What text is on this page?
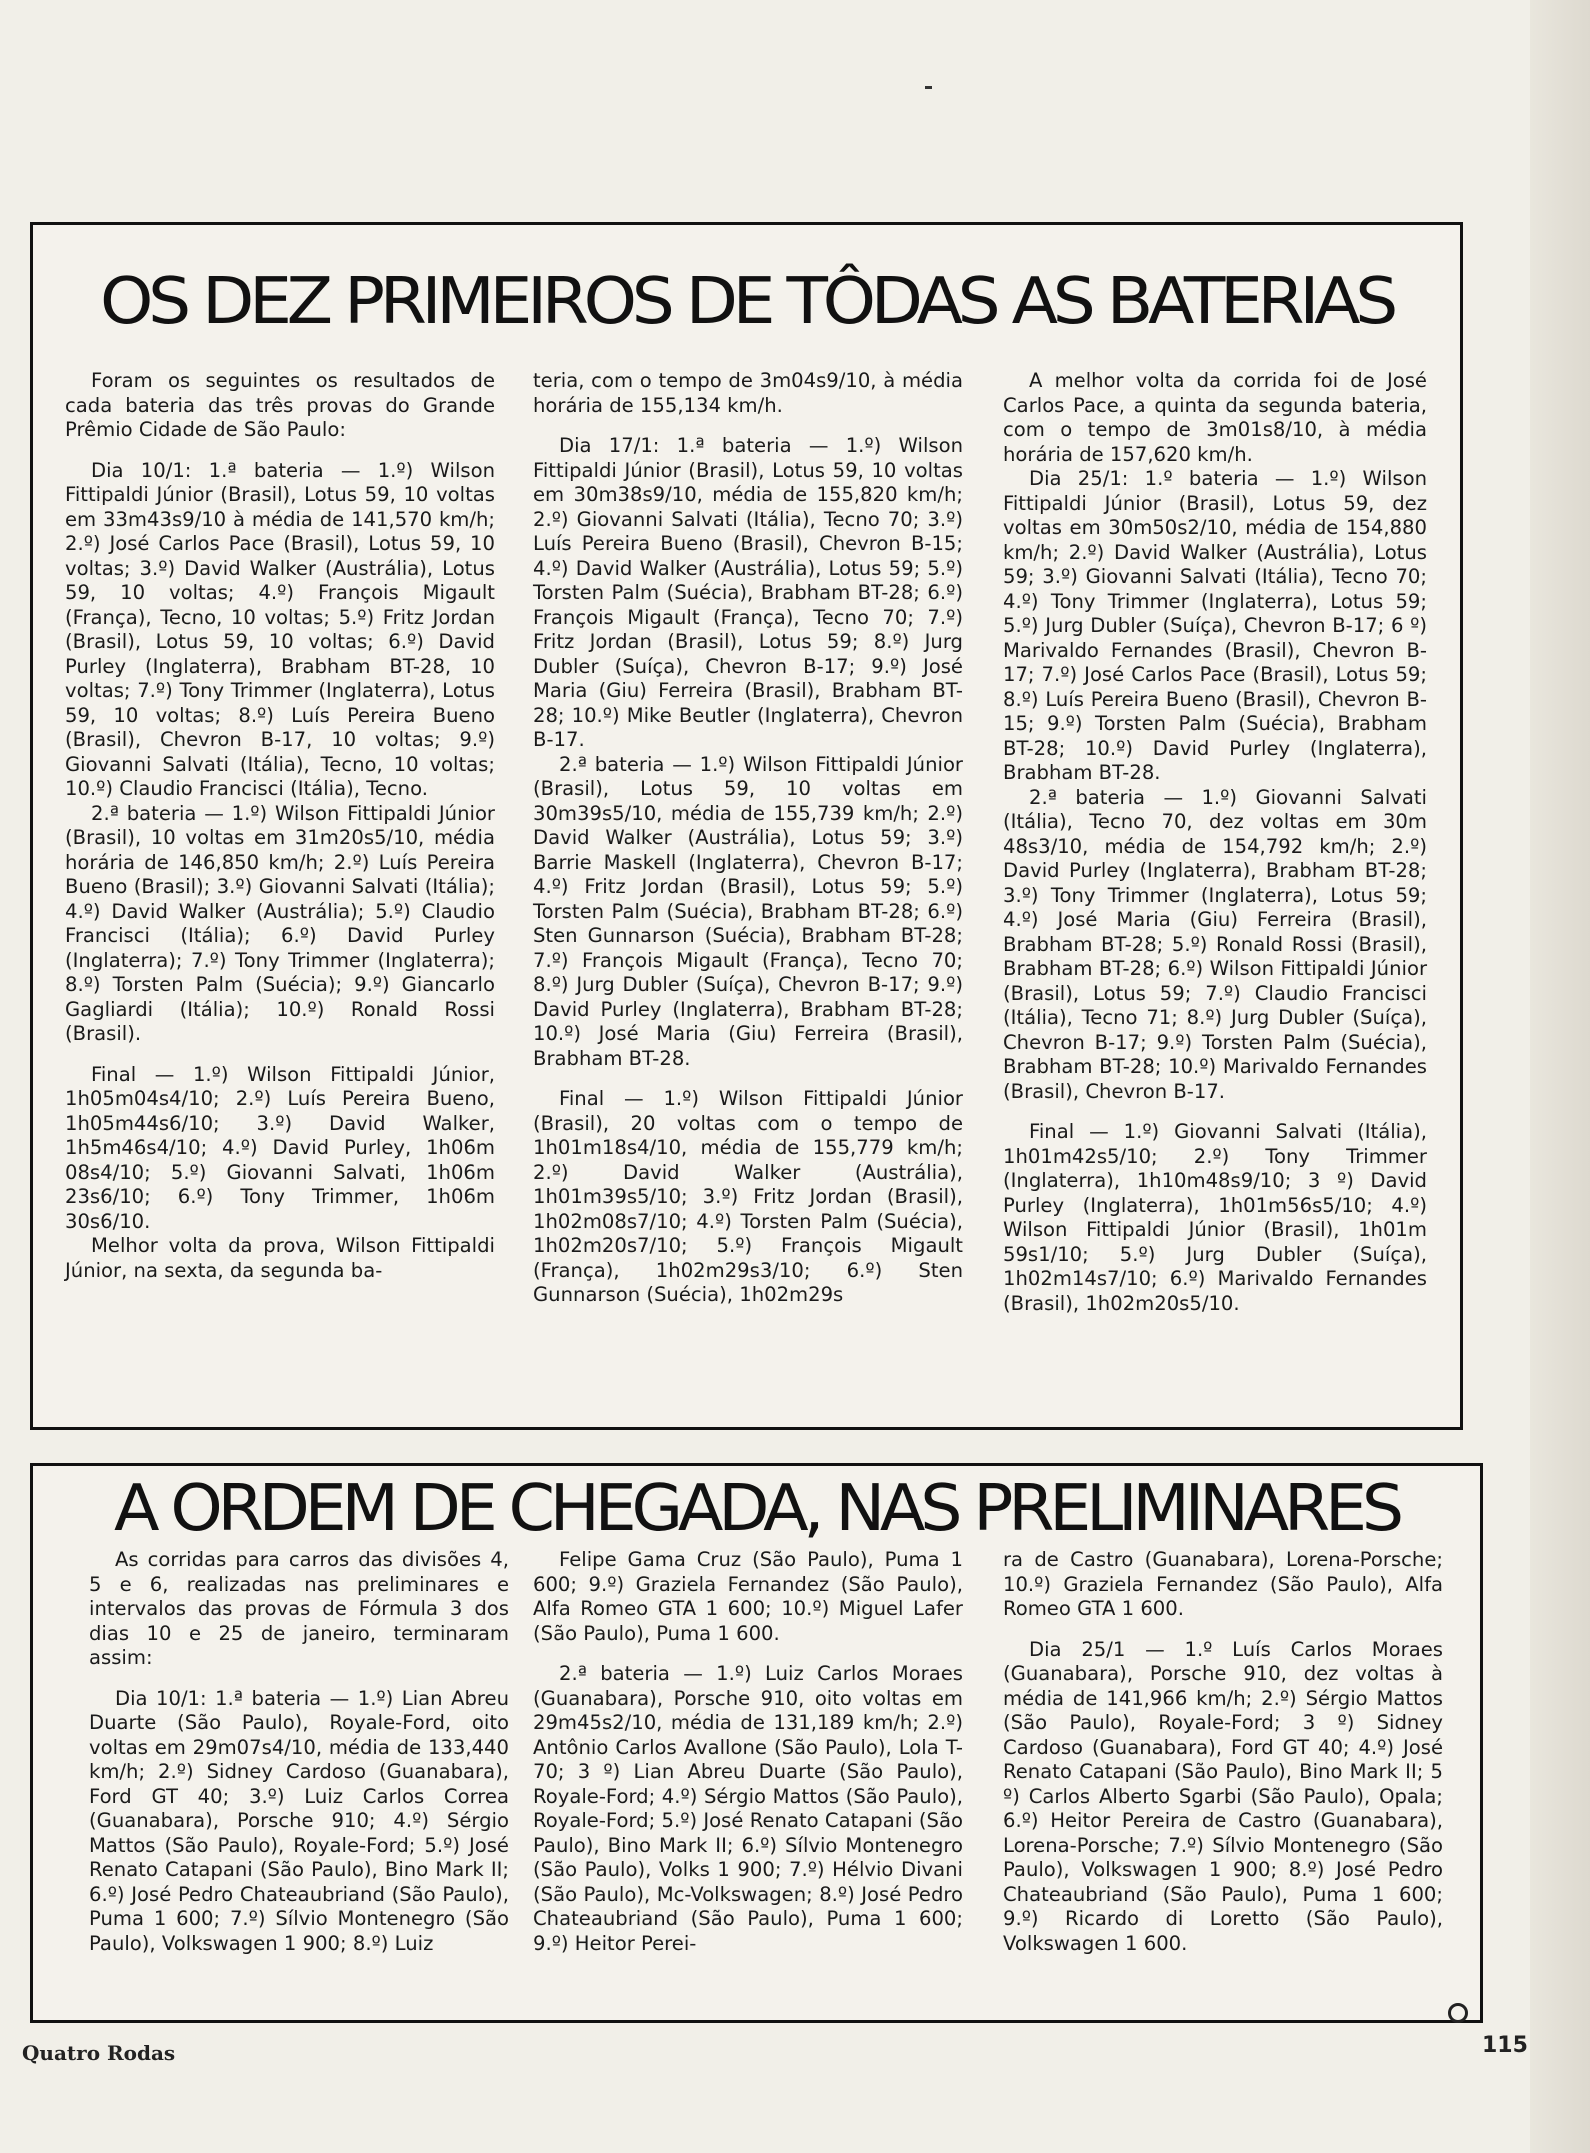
OS DEZ PRIMEIROS DE TÔDAS AS BATERIAS

Foram os seguintes os resultados de cada bateria das três provas do Grande Prêmio Cidade de São Paulo:

Dia 10/1: 1.ª bateria — 1.º) Wilson Fittipaldi Júnior (Brasil), Lotus 59, 10 voltas em 33m43s9/10 à média de 141,570 km/h; 2.º) José Carlos Pace (Brasil), Lotus 59, 10 voltas; 3.º) David Walker (Austrália), Lotus 59, 10 voltas; 4.º) François Migault (França), Tecno, 10 voltas; 5.º) Fritz Jordan (Brasil), Lotus 59, 10 voltas; 6.º) David Purley (Inglaterra), Brabham BT-28, 10 voltas; 7.º) Tony Trimmer (Inglaterra), Lotus 59, 10 voltas; 8.º) Luís Pereira Bueno (Brasil), Chevron B-17, 10 voltas; 9.º) Giovanni Salvati (Itália), Tecno, 10 voltas; 10.º) Claudio Francisci (Itália), Tecno.

2.ª bateria — 1.º) Wilson Fittipaldi Júnior (Brasil), 10 voltas em 31m20s5/10, média horária de 146,850 km/h; 2.º) Luís Pereira Bueno (Brasil); 3.º) Giovanni Salvati (Itália); 4.º) David Walker (Austrália); 5.º) Claudio Francisci (Itália); 6.º) David Purley (Inglaterra); 7.º) Tony Trimmer (Inglaterra); 8.º) Torsten Palm (Suécia); 9.º) Giancarlo Gagliardi (Itália); 10.º) Ronald Rossi (Brasil).

Final — 1.º) Wilson Fittipaldi Júnior, 1h05m04s4/10; 2.º) Luís Pereira Bueno, 1h05m44s6/10; 3.º) David Walker, 1h5m46s4/10; 4.º) David Purley, 1h06m 08s4/10; 5.º) Giovanni Salvati, 1h06m 23s6/10; 6.º) Tony Trimmer, 1h06m 30s6/10.

Melhor volta da prova, Wilson Fittipaldi Júnior, na sexta, da segunda ba-

teria, com o tempo de 3m04s9/10, à média horária de 155,134 km/h.

Dia 17/1: 1.ª bateria — 1.º) Wilson Fittipaldi Júnior (Brasil), Lotus 59, 10 voltas em 30m38s9/10, média de 155,820 km/h; 2.º) Giovanni Salvati (Itália), Tecno 70; 3.º) Luís Pereira Bueno (Brasil), Chevron B-15; 4.º) David Walker (Austrália), Lotus 59; 5.º) Torsten Palm (Suécia), Brabham BT-28; 6.º) François Migault (França), Tecno 70; 7.º) Fritz Jordan (Brasil), Lotus 59; 8.º) Jurg Dubler (Suíça), Chevron B-17; 9.º) José Maria (Giu) Ferreira (Brasil), Brabham BT-28; 10.º) Mike Beutler (Inglaterra), Chevron B-17.

2.ª bateria — 1.º) Wilson Fittipaldi Júnior (Brasil), Lotus 59, 10 voltas em 30m39s5/10, média de 155,739 km/h; 2.º) David Walker (Austrália), Lotus 59; 3.º) Barrie Maskell (Inglaterra), Chevron B-17; 4.º) Fritz Jordan (Brasil), Lotus 59; 5.º) Torsten Palm (Suécia), Brabham BT-28; 6.º) Sten Gunnarson (Suécia), Brabham BT-28; 7.º) François Migault (França), Tecno 70; 8.º) Jurg Dubler (Suíça), Chevron B-17; 9.º) David Purley (Inglaterra), Brabham BT-28; 10.º) José Maria (Giu) Ferreira (Brasil), Brabham BT-28.

Final — 1.º) Wilson Fittipaldi Júnior (Brasil), 20 voltas com o tempo de 1h01m18s4/10, média de 155,779 km/h; 2.º) David Walker (Austrália), 1h01m39s5/10; 3.º) Fritz Jordan (Brasil), 1h02m08s7/10; 4.º) Torsten Palm (Suécia), 1h02m20s7/10; 5.º) François Migault (França), 1h02m29s3/10; 6.º) Sten Gunnarson (Suécia), 1h02m29s

A melhor volta da corrida foi de José Carlos Pace, a quinta da segunda bateria, com o tempo de 3m01s8/10, à média horária de 157,620 km/h.

Dia 25/1: 1.º bateria — 1.º) Wilson Fittipaldi Júnior (Brasil), Lotus 59, dez voltas em 30m50s2/10, média de 154,880 km/h; 2.º) David Walker (Austrália), Lotus 59; 3.º) Giovanni Salvati (Itália), Tecno 70; 4.º) Tony Trimmer (Inglaterra), Lotus 59; 5.º) Jurg Dubler (Suíça), Chevron B-17; 6 º) Marivaldo Fernandes (Brasil), Chevron B-17; 7.º) José Carlos Pace (Brasil), Lotus 59; 8.º) Luís Pereira Bueno (Brasil), Chevron B-15; 9.º) Torsten Palm (Suécia), Brabham BT-28; 10.º) David Purley (Inglaterra), Brabham BT-28.

2.ª bateria — 1.º) Giovanni Salvati (Itália), Tecno 70, dez voltas em 30m 48s3/10, média de 154,792 km/h; 2.º) David Purley (Inglaterra), Brabham BT-28; 3.º) Tony Trimmer (Inglaterra), Lotus 59; 4.º) José Maria (Giu) Ferreira (Brasil), Brabham BT-28; 5.º) Ronald Rossi (Brasil), Brabham BT-28; 6.º) Wilson Fittipaldi Júnior (Brasil), Lotus 59; 7.º) Claudio Francisci (Itália), Tecno 71; 8.º) Jurg Dubler (Suíça), Chevron B-17; 9.º) Torsten Palm (Suécia), Brabham BT-28; 10.º) Marivaldo Fernandes (Brasil), Chevron B-17.

Final — 1.º) Giovanni Salvati (Itália), 1h01m42s5/10; 2.º) Tony Trimmer (Inglaterra), 1h10m48s9/10; 3 º) David Purley (Inglaterra), 1h01m56s5/10; 4.º) Wilson Fittipaldi Júnior (Brasil), 1h01m 59s1/10; 5.º) Jurg Dubler (Suíça), 1h02m14s7/10; 6.º) Marivaldo Fernandes (Brasil), 1h02m20s5/10.

A ORDEM DE CHEGADA, NAS PRELIMINARES

As corridas para carros das divisões 4, 5 e 6, realizadas nas preliminares e intervalos das provas de Fórmula 3 dos dias 10 e 25 de janeiro, terminaram assim:

Dia 10/1: 1.ª bateria — 1.º) Lian Abreu Duarte (São Paulo), Royale-Ford, oito voltas em 29m07s4/10, média de 133,440 km/h; 2.º) Sidney Cardoso (Guanabara), Ford GT 40; 3.º) Luiz Carlos Correa (Guanabara), Porsche 910; 4.º) Sérgio Mattos (São Paulo), Royale-Ford; 5.º) José Renato Catapani (São Paulo), Bino Mark II; 6.º) José Pedro Chateaubriand (São Paulo), Puma 1 600; 7.º) Sílvio Montenegro (São Paulo), Volkswagen 1 900; 8.º) Luiz

Felipe Gama Cruz (São Paulo), Puma 1 600; 9.º) Graziela Fernandez (São Paulo), Alfa Romeo GTA 1 600; 10.º) Miguel Lafer (São Paulo), Puma 1 600.

2.ª bateria — 1.º) Luiz Carlos Moraes (Guanabara), Porsche 910, oito voltas em 29m45s2/10, média de 131,189 km/h; 2.º) Antônio Carlos Avallone (São Paulo), Lola T-70; 3 º) Lian Abreu Duarte (São Paulo), Royale-Ford; 4.º) Sérgio Mattos (São Paulo), Royale-Ford; 5.º) José Renato Catapani (São Paulo), Bino Mark II; 6.º) Sílvio Montenegro (São Paulo), Volks 1 900; 7.º) Hélvio Divani (São Paulo), Mc-Volkswagen; 8.º) José Pedro Chateaubriand (São Paulo), Puma 1 600; 9.º) Heitor Perei-

ra de Castro (Guanabara), Lorena-Porsche; 10.º) Graziela Fernandez (São Paulo), Alfa Romeo GTA 1 600.

Dia 25/1 — 1.º Luís Carlos Moraes (Guanabara), Porsche 910, dez voltas à média de 141,966 km/h; 2.º) Sérgio Mattos (São Paulo), Royale-Ford; 3 º) Sidney Cardoso (Guanabara), Ford GT 40; 4.º) José Renato Catapani (São Paulo), Bino Mark II; 5 º) Carlos Alberto Sgarbi (São Paulo), Opala; 6.º) Heitor Pereira de Castro (Guanabara), Lorena-Porsche; 7.º) Sílvio Montenegro (São Paulo), Volkswagen 1 900; 8.º) José Pedro Chateaubriand (São Paulo), Puma 1 600; 9.º) Ricardo di Loretto (São Paulo), Volkswagen 1 600.

Quatro Rodas	115
